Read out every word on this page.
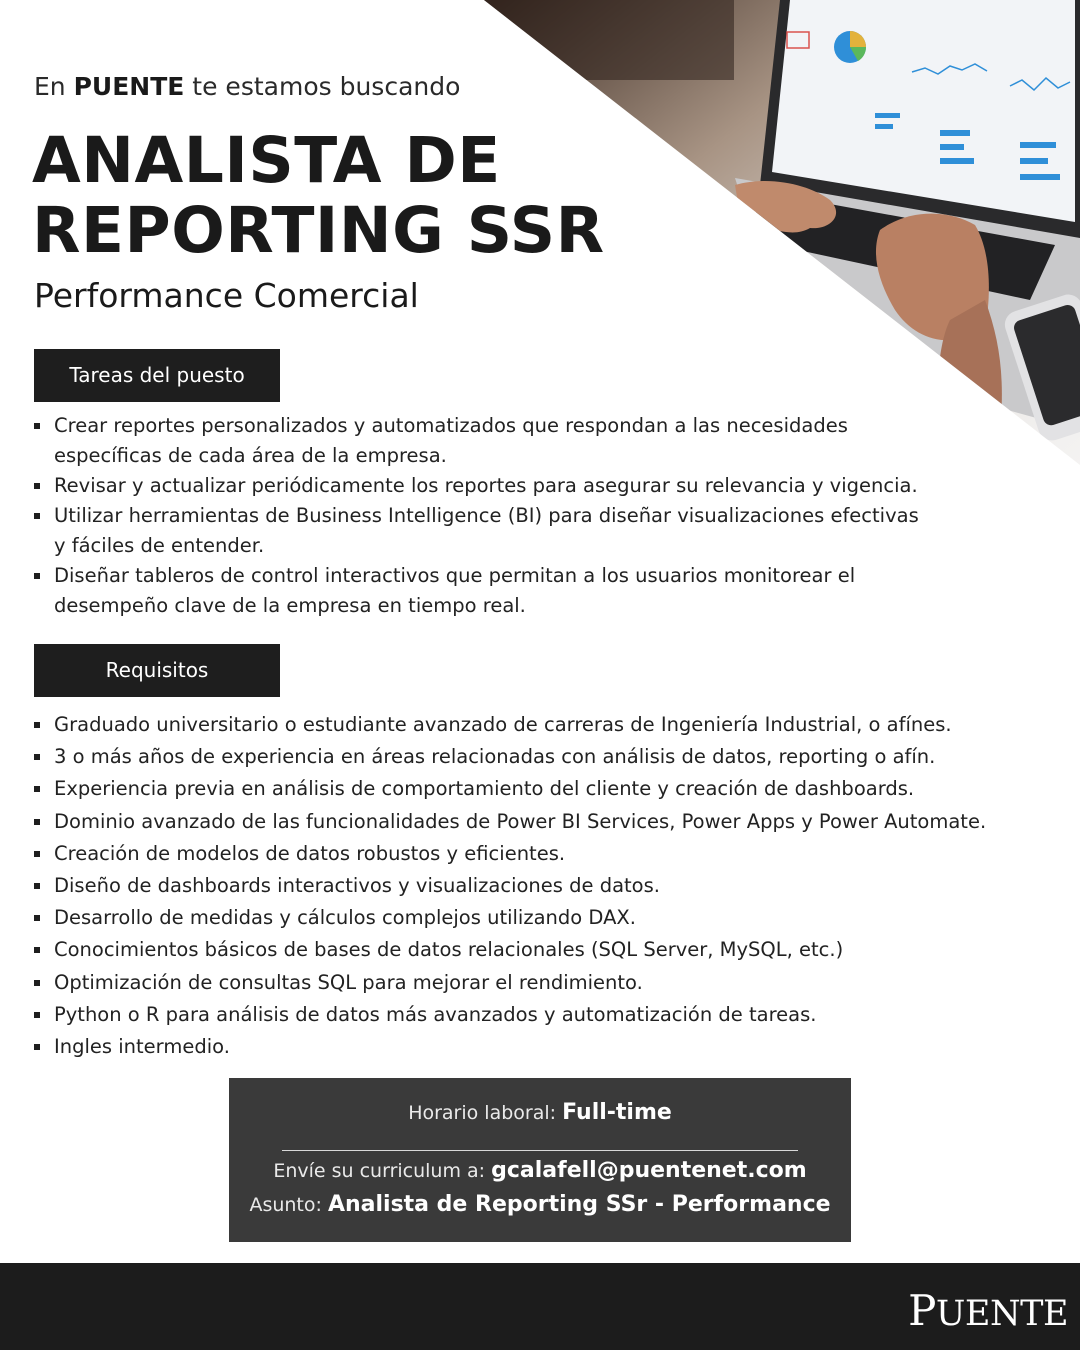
En PUENTE te estamos buscando
ANALISTA DE
REPORTING SSR
Performance Comercial
Tareas del puesto
Crear reportes personalizados y automatizados que respondan a las necesidades
específicas de cada área de la empresa.
Revisar y actualizar periódicamente los reportes para asegurar su relevancia y vigencia.
Utilizar herramientas de Business Intelligence (BI) para diseñar visualizaciones efectivas
y fáciles de entender.
Diseñar tableros de control interactivos que permitan a los usuarios monitorear el
desempeño clave de la empresa en tiempo real.
Requisitos
Graduado universitario o estudiante avanzado de carreras de Ingeniería Industrial, o afínes.
3 o más años de experiencia en áreas relacionadas con análisis de datos, reporting o afín.
Experiencia previa en análisis de comportamiento del cliente y creación de dashboards.
Dominio avanzado de las funcionalidades de Power BI Services, Power Apps y Power Automate.
Creación de modelos de datos robustos y eficientes.
Diseño de dashboards interactivos y visualizaciones de datos.
Desarrollo de medidas y cálculos complejos utilizando DAX.
Conocimientos básicos de bases de datos relacionales (SQL Server, MySQL, etc.)
Optimización de consultas SQL para mejorar el rendimiento.
Python o R para análisis de datos más avanzados y automatización de tareas.
Ingles intermedio.
Horario laboral: Full-time
Envíe su curriculum a: gcalafell@puentenet.com
Asunto: Analista de Reporting SSr - Performance
PUENTE
